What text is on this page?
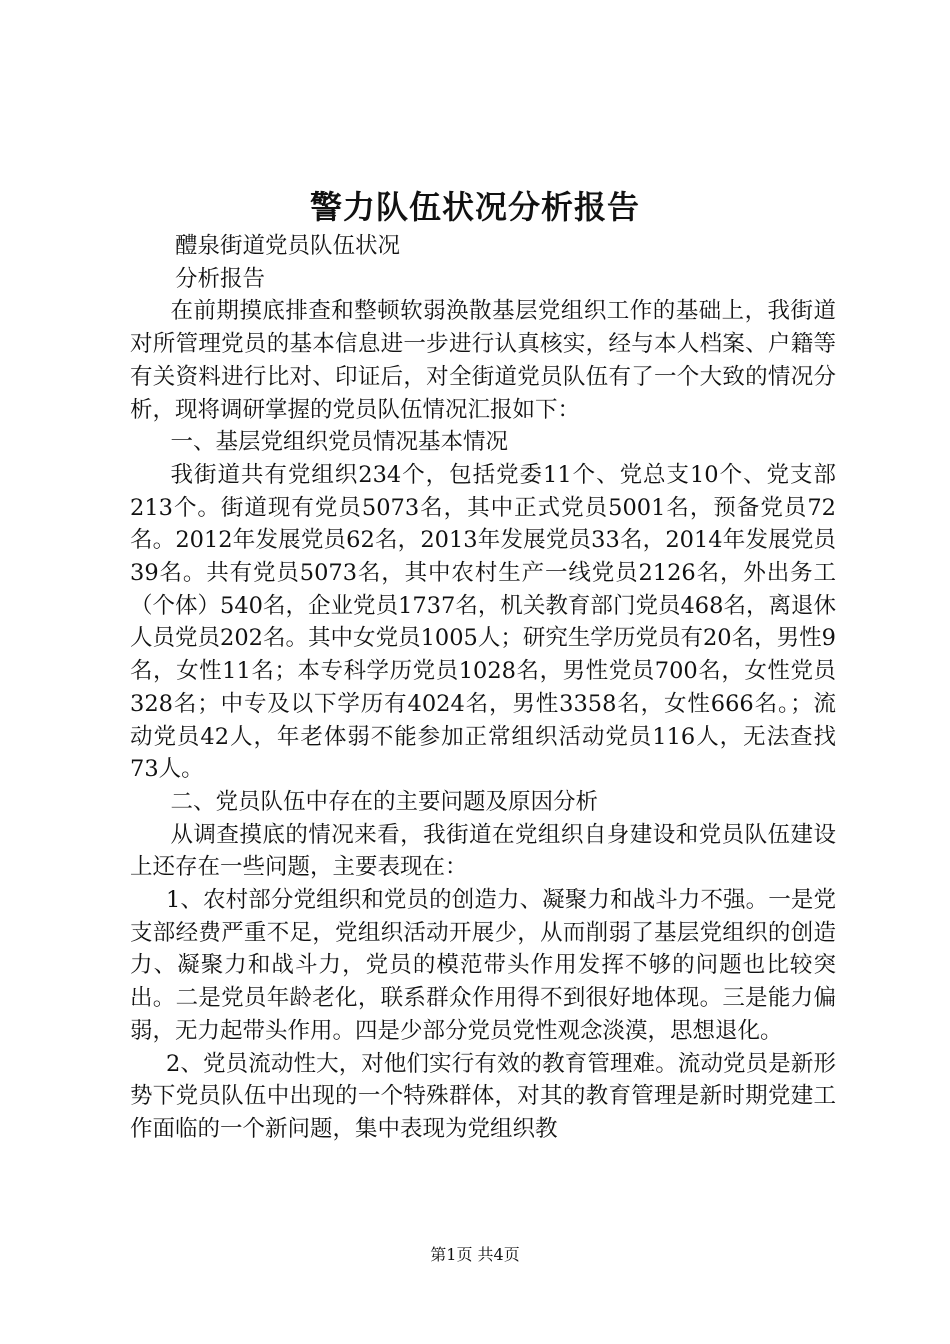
警力队伍状况分析报告

醴泉街道党员队伍状况

分析报告

在前期摸底排查和整顿软弱涣散基层党组织工作的基础上，我街道对所管理党员的基本信息进一步进行认真核实，经与本人档案、户籍等有关资料进行比对、印证后，对全街道党员队伍有了一个大致的情况分析，现将调研掌握的党员队伍情况汇报如下：

一、基层党组织党员情况基本情况

我街道共有党组织234个，包括党委11个、党总支10个、党支部213个。街道现有党员5073名，其中正式党员5001名，预备党员72名。2012年发展党员62名，2013年发展党员33名，2014年发展党员39名。共有党员5073名，其中农村生产一线党员2126名，外出务工（个体）540名，企业党员1737名，机关教育部门党员468名，离退休人员党员202名。其中女党员1005人；研究生学历党员有20名，男性9名，女性11名；本专科学历党员1028名，男性党员700名，女性党员328名；中专及以下学历有4024名，男性3358名，女性666名。；流动党员42人，年老体弱不能参加正常组织活动党员116人，无法查找73人。

二、党员队伍中存在的主要问题及原因分析

从调查摸底的情况来看，我街道在党组织自身建设和党员队伍建设上还存在一些问题，主要表现在：

1、农村部分党组织和党员的创造力、凝聚力和战斗力不强。一是党支部经费严重不足，党组织活动开展少，从而削弱了基层党组织的创造力、凝聚力和战斗力，党员的模范带头作用发挥不够的问题也比较突出。二是党员年龄老化，联系群众作用得不到很好地体现。三是能力偏弱，无力起带头作用。四是少部分党员党性观念淡漠，思想退化。

2、党员流动性大，对他们实行有效的教育管理难。流动党员是新形势下党员队伍中出现的一个特殊群体，对其的教育管理是新时期党建工作面临的一个新问题，集中表现为党组织教

第1页 共4页
